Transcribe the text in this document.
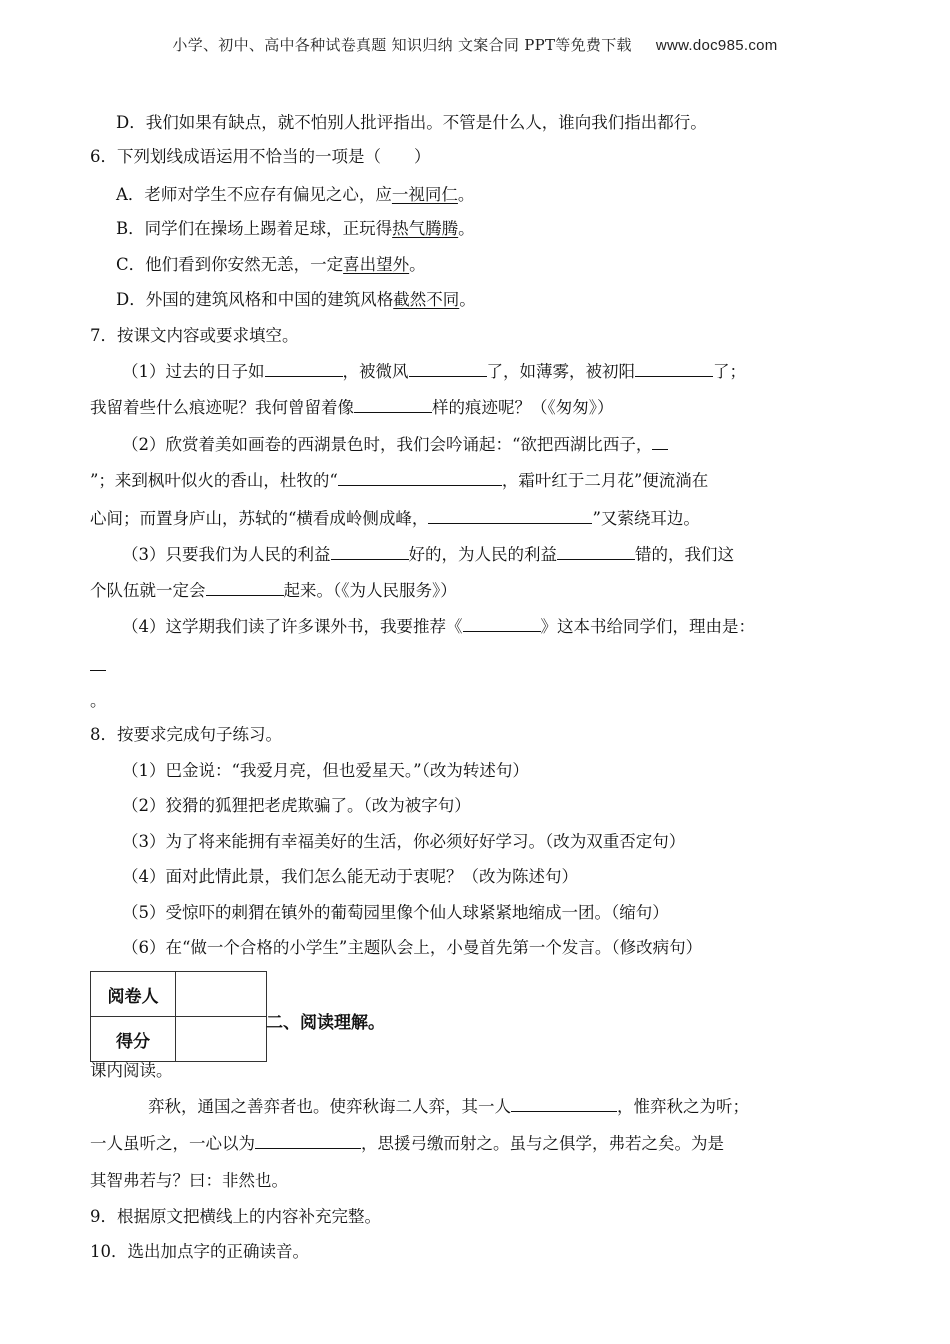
小学、初中、高中各种试卷真题 知识归纳 文案合同 PPT等免费下载 www.doc985.com
D．我们如果有缺点，就不怕别人批评指出。不管是什么人，谁向我们指出都行。
6．下列划线成语运用不恰当的一项是（　　）
A．老师对学生不应存有偏见之心，应一视同仁。
B．同学们在操场上踢着足球，正玩得热气腾腾。
C．他们看到你安然无恙，一定喜出望外。
D．外国的建筑风格和中国的建筑风格截然不同。
7．按课文内容或要求填空。
（1）过去的日子如	，被微风	了，如薄雾，被初阳	了；
我留着些什么痕迹呢？我何曾留着像	样的痕迹呢？（《匆匆》）
（2）欣赏着美如画卷的西湖景色时，我们会吟诵起：“欲把西湖比西子，
”；来到枫叶似火的香山，杜牧的“	，霜叶红于二月花”便流淌在
心间；而置身庐山，苏轼的“横看成岭侧成峰，	”又萦绕耳边。
（3）只要我们为人民的利益	好的，为人民的利益	错的，我们这
个队伍就一定会	起来。（《为人民服务》）
（4）这学期我们读了许多课外书，我要推荐《	》这本书给同学们，理由是：
。
8．按要求完成句子练习。
（1）巴金说：“我爱月亮，但也爱星天。”（改为转述句）
（2）狡猾的狐狸把老虎欺骗了。（改为被字句）
（3）为了将来能拥有幸福美好的生活，你必须好好学习。（改为双重否定句）
（4）面对此情此景，我们怎么能无动于衷呢？（改为陈述句）
（5）受惊吓的刺猬在镇外的葡萄园里像个仙人球紧紧地缩成一团。（缩句）
（6）在“做一个合格的小学生”主题队会上，小曼首先第一个发言。（修改病句）
阅卷人	
得分	
二、阅读理解。
课内阅读。
弈秋，通国之善弈者也。使弈秋诲二人弈，其一人	，惟弈秋之为听；
一人虽听之，一心以为	，思援弓缴而射之。虽与之俱学，弗若之矣。为是
其智弗若与？曰：非然也。
9．根据原文把横线上的内容补充完整。
10．选出加点字的正确读音。
